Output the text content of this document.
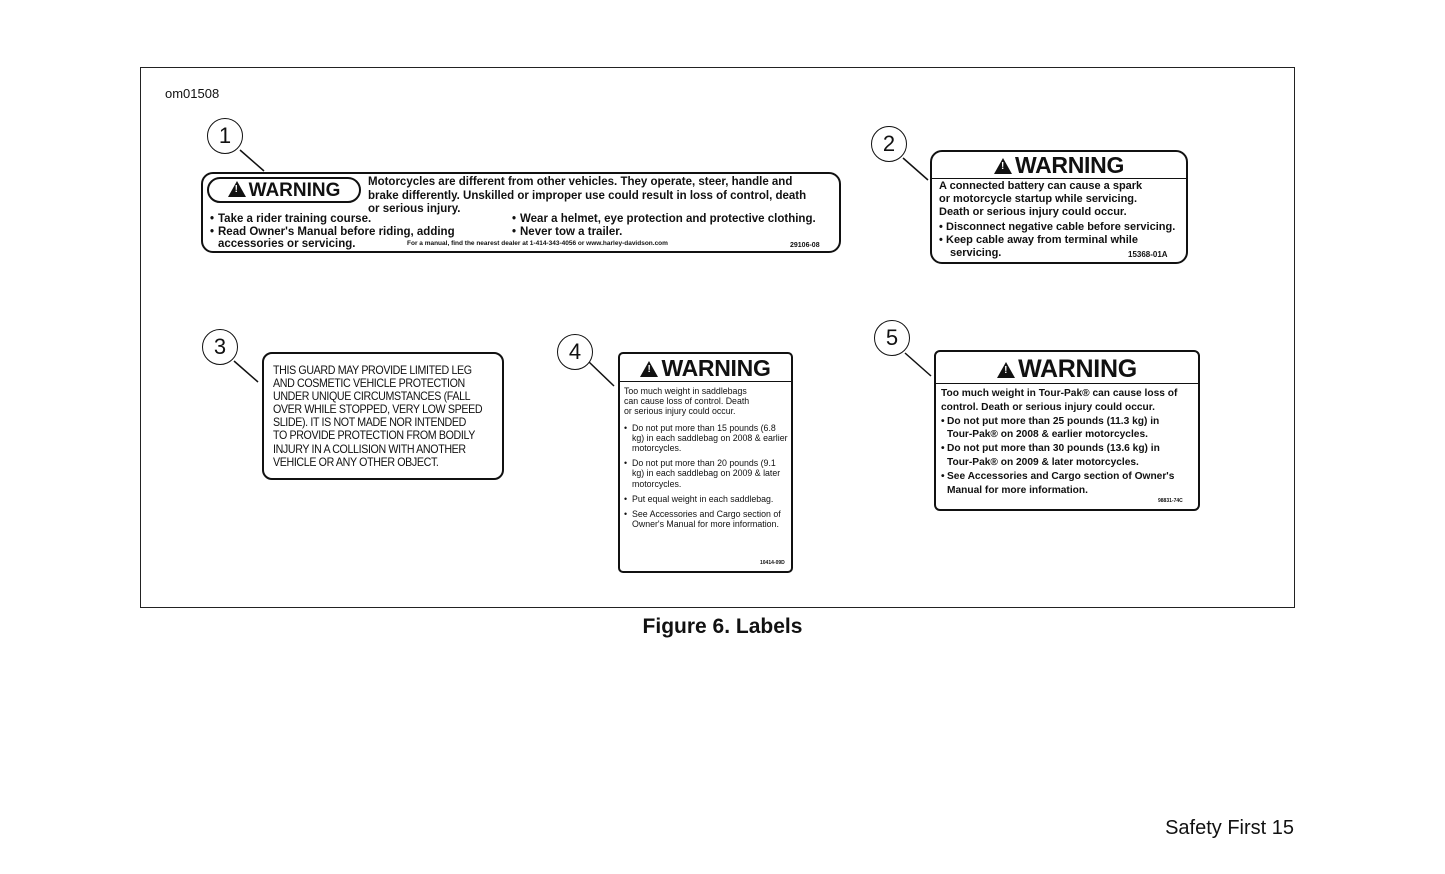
om01508
1	2
3	4
5
!WARNING	Motorcycles are different from other vehicles. They operate, steer, handle and
brake differently. Unskilled or improper use could result in loss of control, death
or serious injury.
• Take a rider training course.
• Read Owner's Manual before riding, adding
accessories or servicing.
• Wear a helmet, eye protection and protective clothing.
• Never tow a trailer.
For a manual, find the nearest dealer at 1-414-343-4056 or www.harley-davidson.com	29106-08
!WARNING
A connected battery can cause a spark
or motorcycle startup while servicing.
Death or serious injury could occur.
• Disconnect negative cable before servicing.
• Keep cable away from terminal while
servicing.	15368-01A
THIS GUARD MAY PROVIDE LIMITED LEG
AND COSMETIC VEHICLE PROTECTION
UNDER UNIQUE CIRCUMSTANCES (FALL
OVER WHILE STOPPED, VERY LOW SPEED
SLIDE). IT IS NOT MADE NOR INTENDED
TO PROVIDE PROTECTION FROM BODILY
INJURY IN A COLLISION WITH ANOTHER
VEHICLE OR ANY OTHER OBJECT.
!WARNING
Too much weight in saddlebags
can cause loss of control. Death
or serious injury could occur.
• Do not put more than 15 pounds (6.8 kg) in each saddlebag on 2008 & earlier motorcycles.
• Do not put more than 20 pounds (9.1 kg) in each saddlebag on 2009 & later motorcycles.
• Put equal weight in each saddlebag.
• See Accessories and Cargo section of Owner's Manual for more information.
10414-09D
!WARNING
Too much weight in Tour-Pak® can cause loss of
control. Death or serious injury could occur.
• Do not put more than 25 pounds (11.3 kg) in
Tour-Pak® on 2008 & earlier motorcycles.
• Do not put more than 30 pounds (13.6 kg) in
Tour-Pak® on 2009 & later motorcycles.
• See Accessories and Cargo section of Owner's
Manual for more information.
98831-74C
Figure 6. Labels
Safety First 15
